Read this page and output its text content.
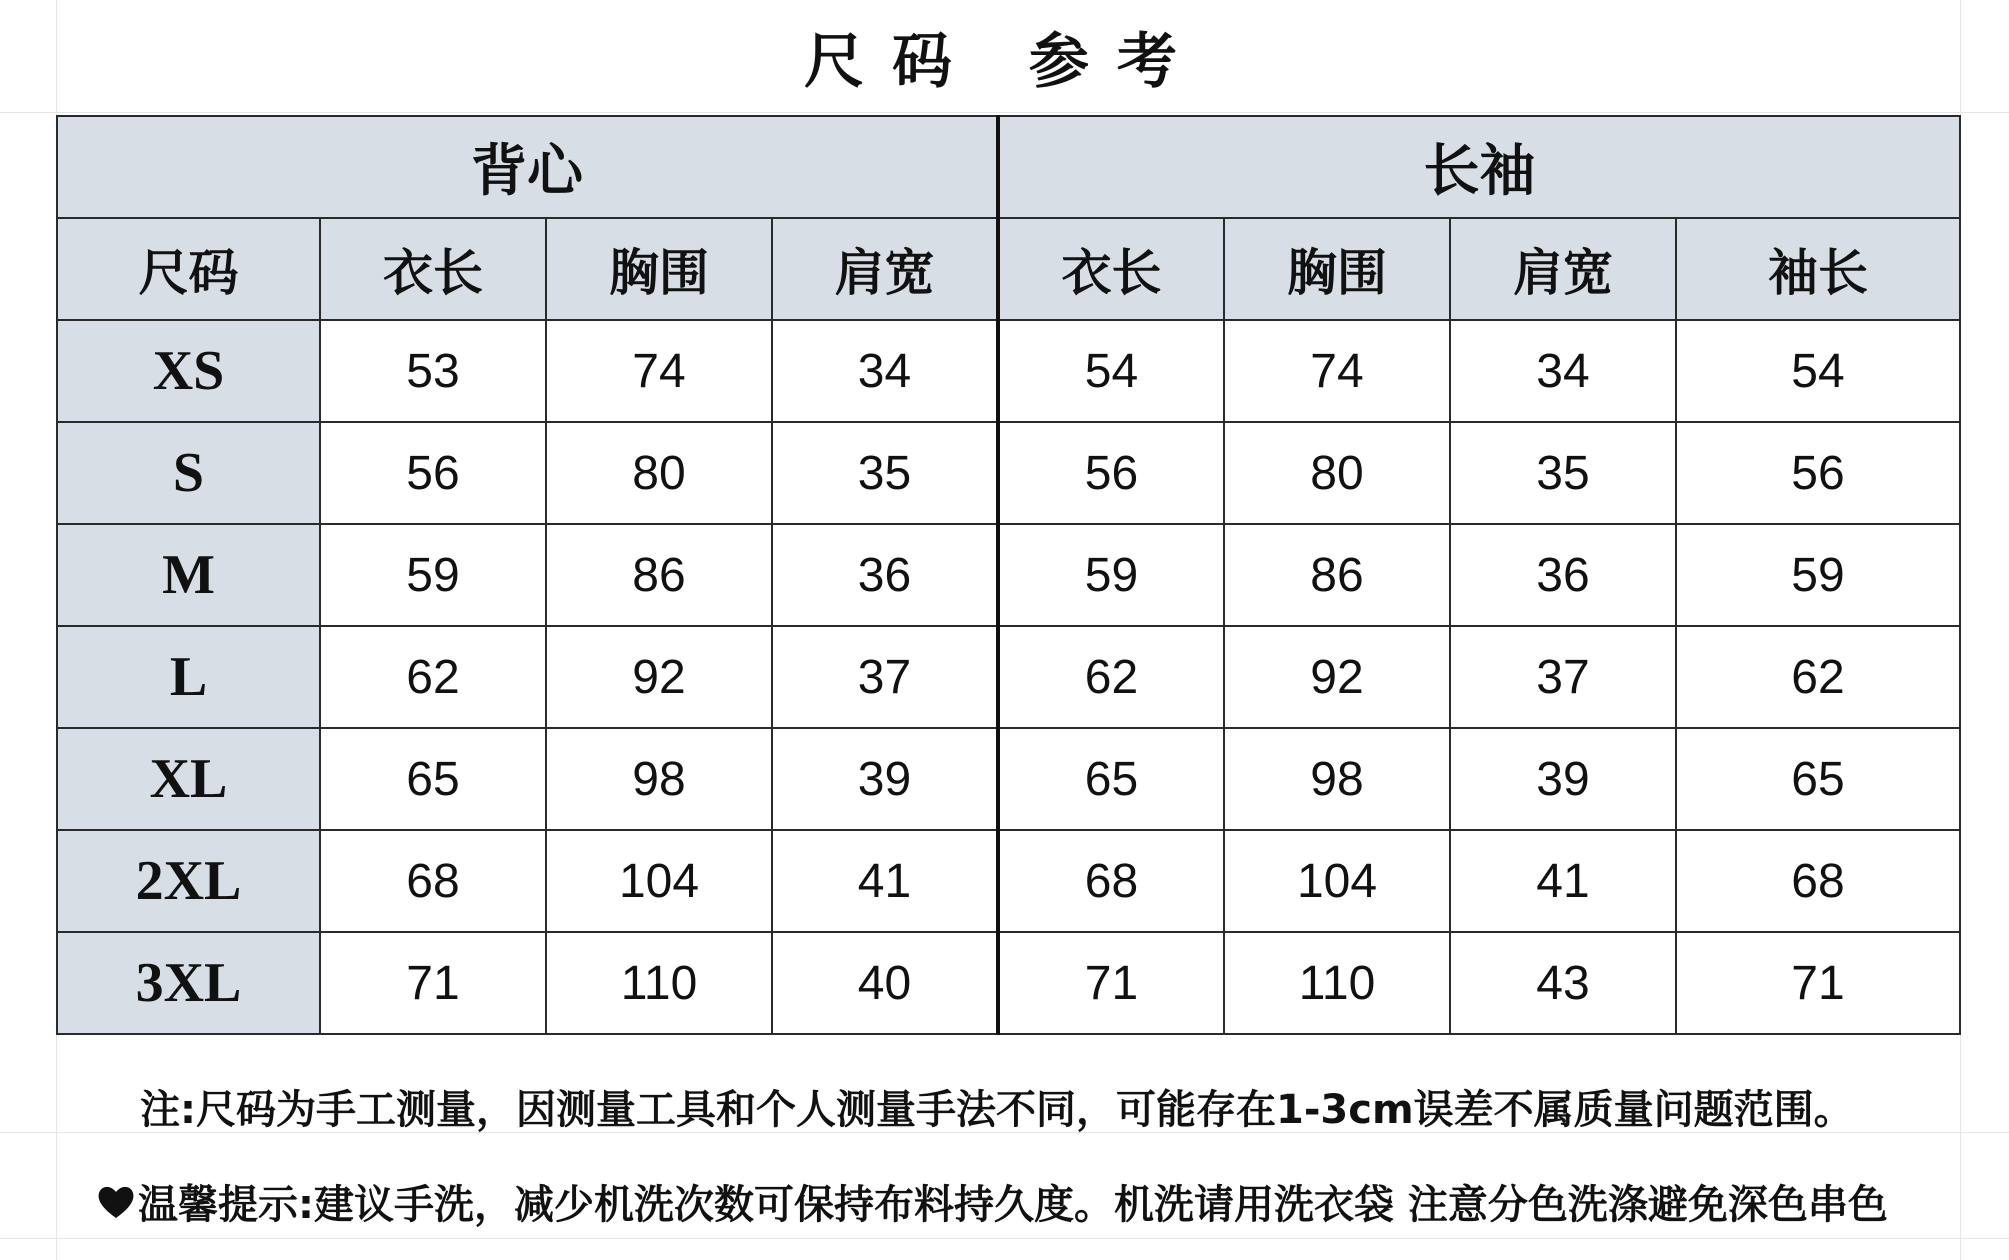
尺码 参考
背心				长袖			
尺码	衣长	胸围	肩宽	衣长	胸围	肩宽	袖长
XS	53	74	34	54	74	34	54
S	56	80	35	56	80	35	56
M	59	86	36	59	86	36	59
L	62	92	37	62	92	37	62
XL	65	98	39	65	98	39	65
2XL	68	104	41	68	104	41	68
3XL	71	110	40	71	110	43	71
注:尺码为手工测量，因测量工具和个人测量手法不同，可能存在1-3cm误差不属质量问题范围。
温馨提示:建议手洗，减少机洗次数可保持布料持久度。机洗请用洗衣袋 注意分色洗涤避免深色串色
